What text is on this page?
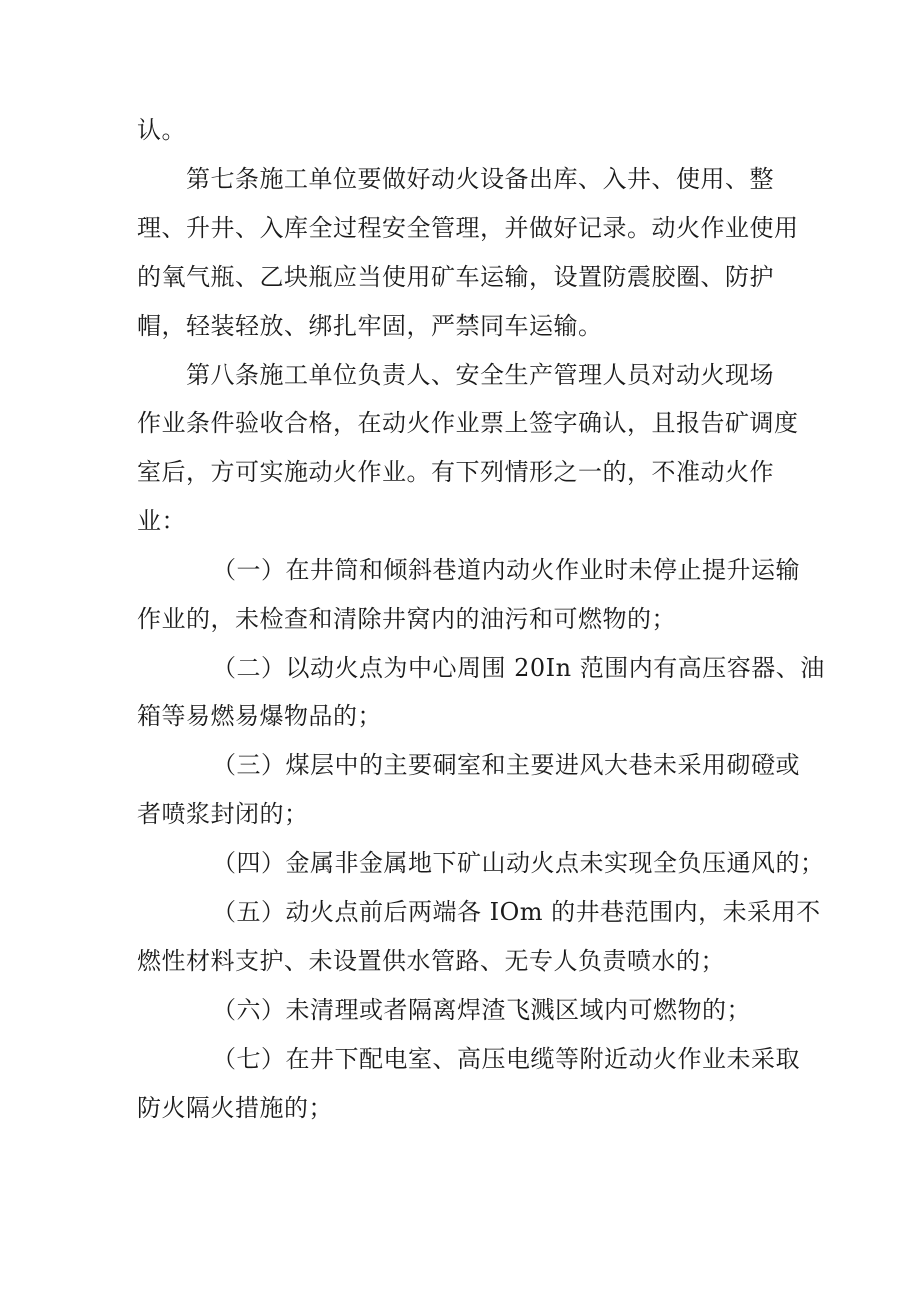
认。

第七条施工单位要做好动火设备出库、入井、使用、整

理、升井、入库全过程安全管理，并做好记录。动火作业使用

的氧气瓶、乙块瓶应当使用矿车运输，设置防震胶圈、防护

帽，轻装轻放、绑扎牢固，严禁同车运输。

第八条施工单位负责人、安全生产管理人员对动火现场

作业条件验收合格，在动火作业票上签字确认，且报告矿调度

室后，方可实施动火作业。有下列情形之一的，不准动火作

业：

（一）在井筒和倾斜巷道内动火作业时未停止提升运输

作业的，未检查和清除井窝内的油污和可燃物的；

（二）以动火点为中心周围 20In 范围内有高压容器、油

箱等易燃易爆物品的；

（三）煤层中的主要硐室和主要进风大巷未采用砌磴或

者喷浆封闭的；

（四）金属非金属地下矿山动火点未实现全负压通风的；

（五）动火点前后两端各 IOm 的井巷范围内，未采用不

燃性材料支护、未设置供水管路、无专人负责喷水的；

（六）未清理或者隔离焊渣飞溅区域内可燃物的；

（七）在井下配电室、高压电缆等附近动火作业未采取

防火隔火措施的；
